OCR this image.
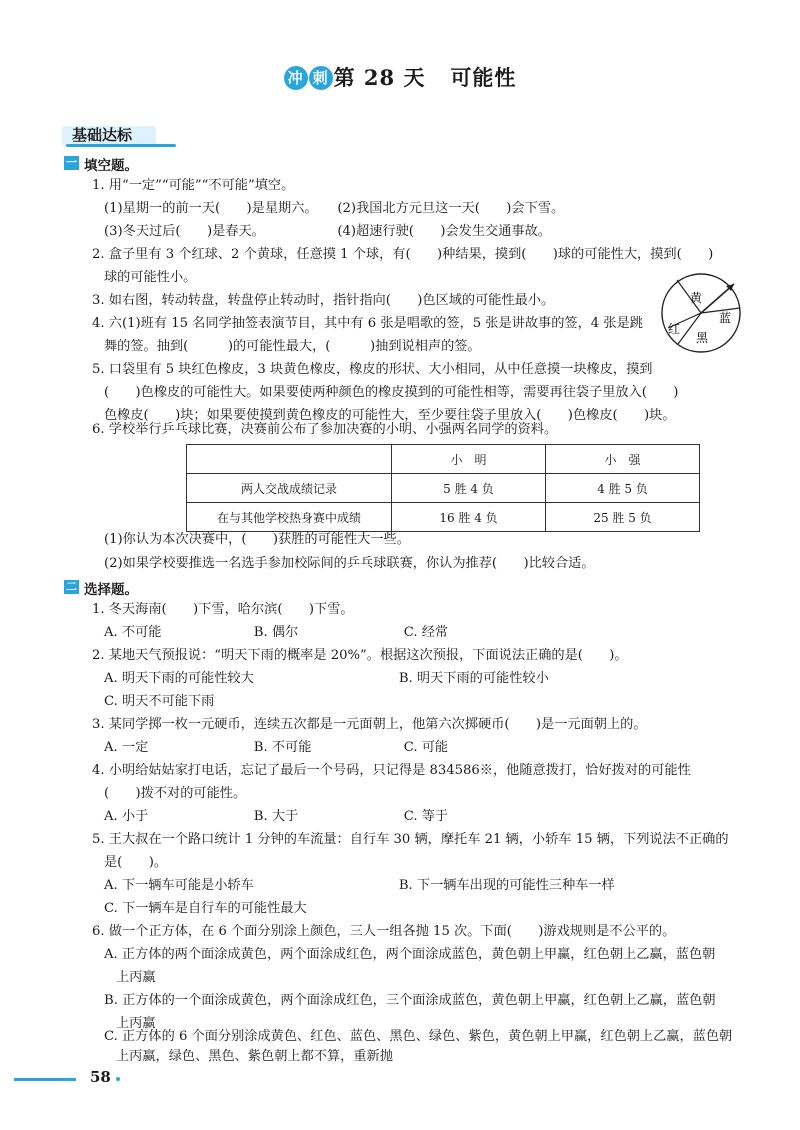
冲 刺 第 28 天 可能性
基础达标
一 填空题。
1. 用“一定”“可能”“不可能”填空。
(1)星期一的前一天(　　)是星期六。　　(2)我国北方元旦这一天(　　)会下雪。
(3)冬天过后(　　)是春天。　　　　　　(4)超速行驶(　　)会发生交通事故。
2. 盒子里有 3 个红球、2 个黄球，任意摸 1 个球，有(　　)种结果，摸到(　　)球的可能性大，摸到(　　)
球的可能性小。
3. 如右图，转动转盘，转盘停止转动时，指针指向(　　)色区域的可能性最小。
4. 六(1)班有 15 名同学抽签表演节目，其中有 6 张是唱歌的签，5 张是讲故事的签，4 张是跳
舞的签。抽到(　　　)的可能性最大，(　　　)抽到说相声的签。
5. 口袋里有 5 块红色橡皮，3 块黄色橡皮，橡皮的形状、大小相同，从中任意摸一块橡皮，摸到
(　　)色橡皮的可能性大。如果要使两种颜色的橡皮摸到的可能性相等，需要再往袋子里放入(　　)
色橡皮(　　)块；如果要使摸到黄色橡皮的可能性大，至少要往袋子里放入(　　)色橡皮(　　)块。
6. 学校举行乒乓球比赛，决赛前公布了参加决赛的小明、小强两名同学的资料。
黄
蓝
红
黑
	小　明	小　强
两人交战成绩记录	5 胜 4 负	4 胜 5 负
在与其他学校热身赛中成绩	16 胜 4 负	25 胜 5 负
(1)你认为本次决赛中，(　　)获胜的可能性大一些。
(2)如果学校要推选一名选手参加校际间的乒乓球联赛，你认为推荐(　　)比较合适。
二 选择题。
1. 冬天海南(　　)下雪，哈尔滨(　　)下雪。
A. 不可能　　　　　　　B. 偶尔　　　　　　　　C. 经常
2. 某地天气预报说：“明天下雨的概率是 20%”。根据这次预报，下面说法正确的是(　　)。
A. 明天下雨的可能性较大　　　　　　　　　　　B. 明天下雨的可能性较小
C. 明天不可能下雨
3. 某同学掷一枚一元硬币，连续五次都是一元面朝上，他第六次掷硬币(　　)是一元面朝上的。
A. 一定　　　　　　　　B. 不可能　　　　　　　C. 可能
4. 小明给姑姑家打电话，忘记了最后一个号码，只记得是 834586※，他随意拨打，恰好拨对的可能性
(　　)拨不对的可能性。
A. 小于　　　　　　　　B. 大于　　　　　　　　C. 等于
5. 王大叔在一个路口统计 1 分钟的车流量：自行车 30 辆，摩托车 21 辆，小轿车 15 辆，下列说法不正确的
是(　　)。
A. 下一辆车可能是小轿车　　　　　　　　　　　B. 下一辆车出现的可能性三种车一样
C. 下一辆车是自行车的可能性最大
6. 做一个正方体，在 6 个面分别涂上颜色，三人一组各抛 15 次。下面(　　)游戏规则是不公平的。
A. 正方体的两个面涂成黄色，两个面涂成红色，两个面涂成蓝色，黄色朝上甲赢，红色朝上乙赢，蓝色朝
上丙赢
B. 正方体的一个面涂成黄色，两个面涂成红色，三个面涂成蓝色，黄色朝上甲赢，红色朝上乙赢，蓝色朝
上丙赢
C. 正方体的 6 个面分别涂成黄色、红色、蓝色、黑色、绿色、紫色，黄色朝上甲赢，红色朝上乙赢，蓝色朝
上丙赢，绿色、黑色、紫色朝上都不算，重新抛
58
